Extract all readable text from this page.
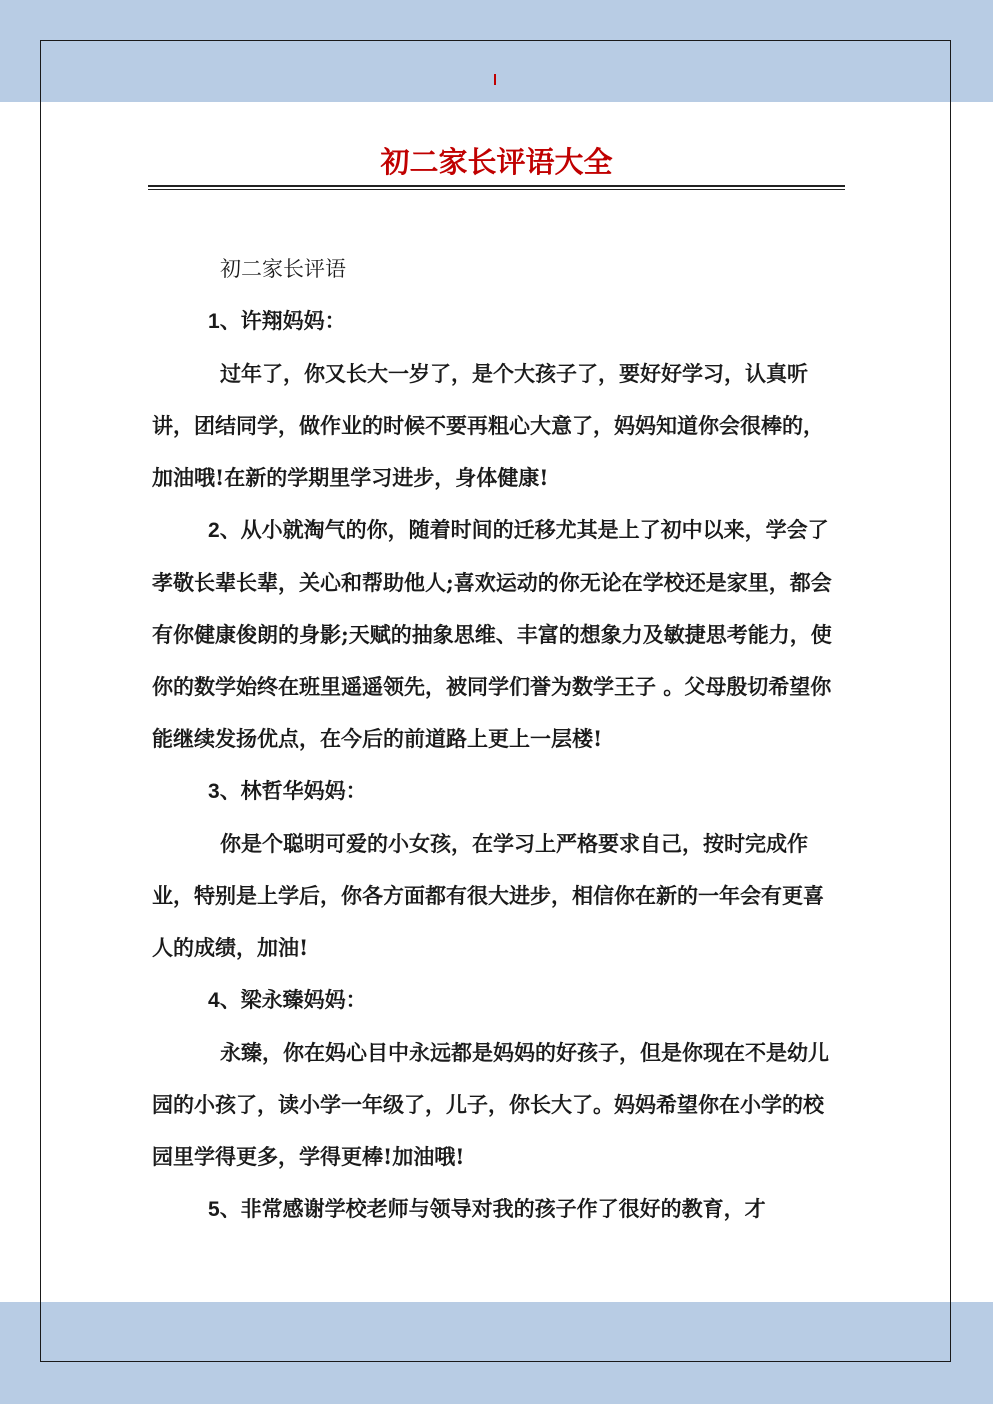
初二家长评语大全

初二家长评语

1、许翔妈妈：

过年了，你又长大一岁了，是个大孩子了，要好好学习，认真听讲，团结同学，做作业的时候不要再粗心大意了，妈妈知道你会很棒的，加油哦!在新的学期里学习进步，身体健康!

2、从小就淘气的你，随着时间的迁移尤其是上了初中以来，学会了孝敬长辈长辈，关心和帮助他人;喜欢运动的你无论在学校还是家里，都会有你健康俊朗的身影;天赋的抽象思维、丰富的想象力及敏捷思考能力，使你的数学始终在班里遥遥领先，被同学们誉为数学王子 。父母殷切希望你能继续发扬优点，在今后的前道路上更上一层楼!

3、林哲华妈妈：

你是个聪明可爱的小女孩，在学习上严格要求自己，按时完成作业，特别是上学后，你各方面都有很大进步，相信你在新的一年会有更喜人的成绩，加油!

4、梁永臻妈妈：

永臻，你在妈心目中永远都是妈妈的好孩子，但是你现在不是幼儿园的小孩了，读小学一年级了，儿子，你长大了。妈妈希望你在小学的校园里学得更多，学得更棒!加油哦!

5、非常感谢学校老师与领导对我的孩子作了很好的教育，才
